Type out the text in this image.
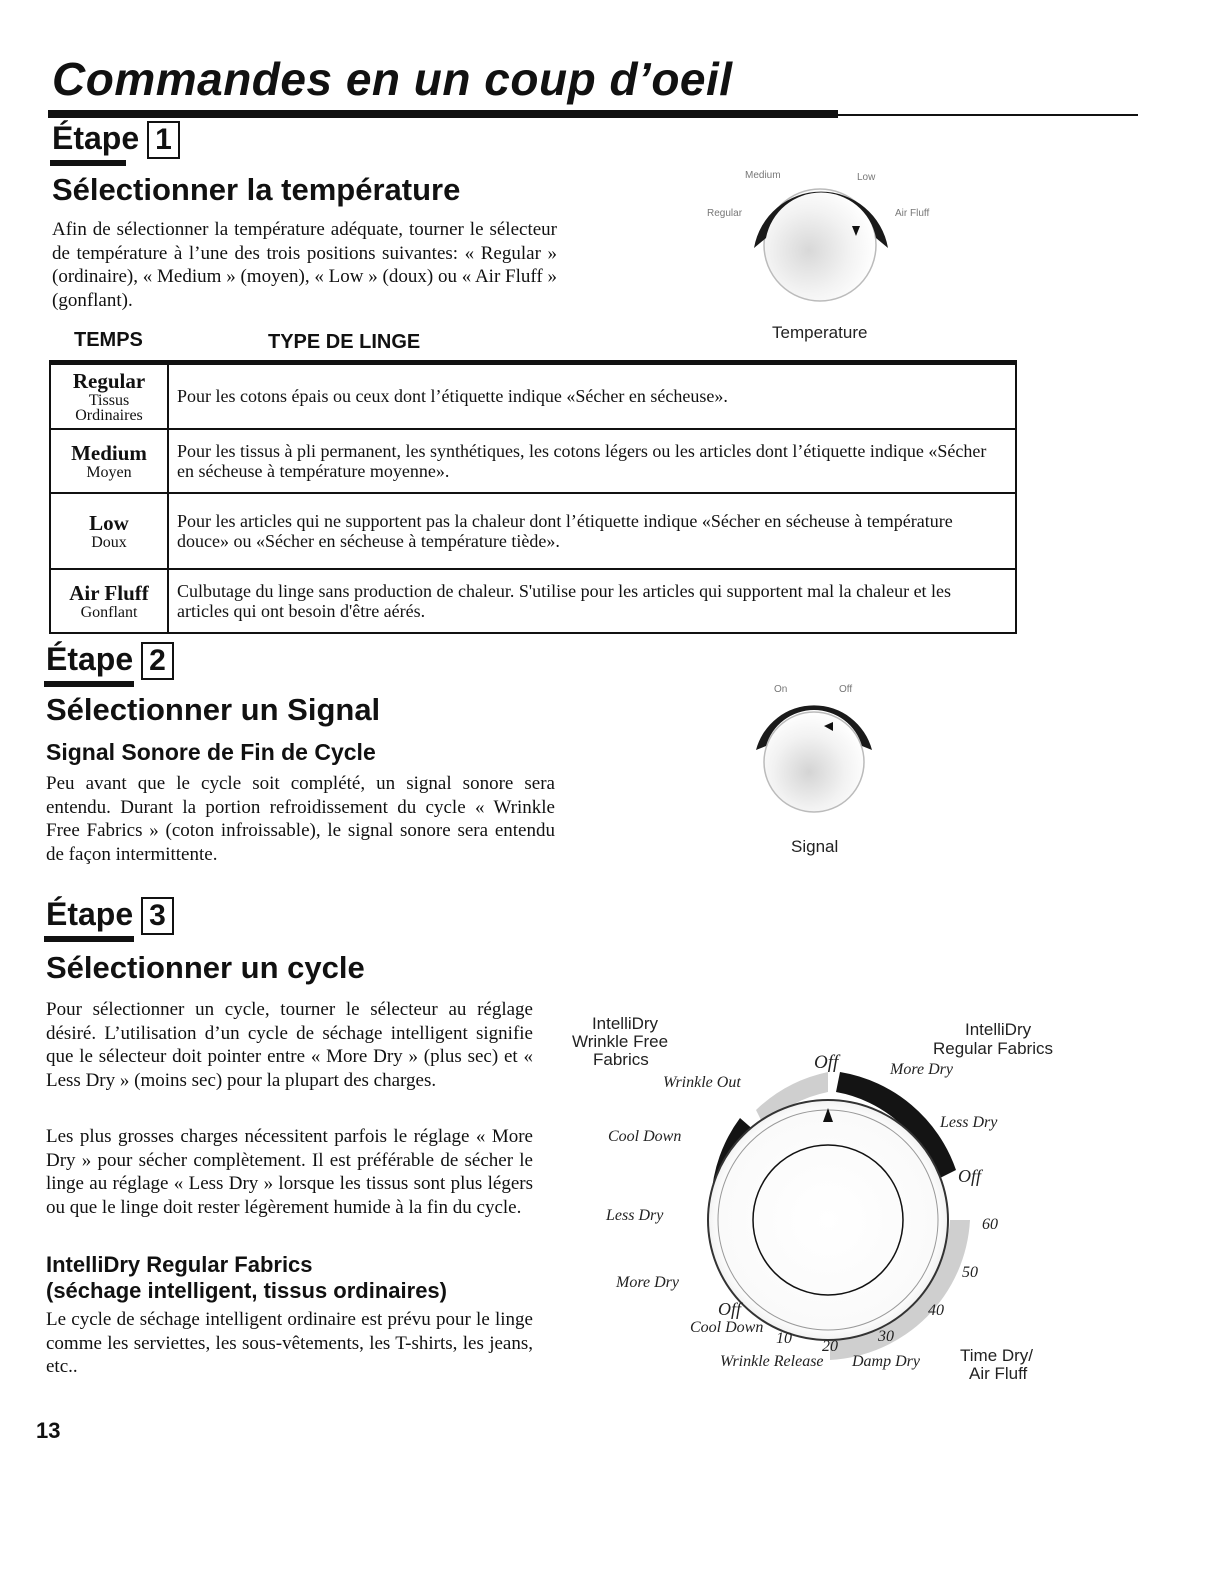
Commandes en un coup d’oeil
Étape 1
Sélectionner la température
Afin de sélectionner la température adéquate, tourner le sélecteur de température à l’une des trois positions suivantes: « Regular » (ordinaire), « Medium » (moyen), « Low » (doux) ou « Air Fluff » (gonflant).
Medium	Low
Regular	Air Fluff
Temperature
TEMPS	TYPE DE LINGE
Regular
Tissus Ordinaires	Pour les cotons épais ou ceux dont l’étiquette indique «Sécher en sécheuse».

Medium
Moyen	Pour les tissus à pli permanent, les synthétiques, les cotons légers ou les articles dont l’étiquette indique «Sécher en sécheuse à température moyenne».

Low
Doux	Pour les articles qui ne supportent pas la chaleur dont l’étiquette indique «Sécher en sécheuse à température douce» ou «Sécher en sécheuse à température tiède».

Air Fluff
Gonflant	Culbutage du linge sans production de chaleur. S'utilise pour les articles qui supportent mal la chaleur et les articles qui ont besoin d'être aérés.
Étape 2
Sélectionner un Signal
Signal Sonore de Fin de Cycle
Peu avant que le cycle soit complété, un signal sonore sera entendu. Durant la portion refroidissement du cycle « Wrinkle Free Fabrics » (coton infroissable), le signal sonore sera entendu de façon intermittente.
On	Off
Signal
Étape 3
Sélectionner un cycle
Pour sélectionner un cycle, tourner le sélecteur au réglage désiré. L’utilisation d’un cycle de séchage intelligent signifie que le sélecteur doit pointer entre « More Dry » (plus sec) et « Less Dry » (moins sec) pour la plupart des charges.
Les plus grosses charges nécessitent parfois le réglage « More Dry » pour sécher complètement. Il est préférable de sécher le linge au réglage « Less Dry » lorsque les tissus sont plus légers ou que le linge doit rester légèrement humide à la fin du cycle.
IntelliDry Regular Fabrics
(séchage intelligent, tissus ordinaires)
Le cycle de séchage intelligent ordinaire est prévu pour le linge comme les serviettes, les sous-vêtements, les T-shirts, les jeans, etc..
IntelliDry
Wrinkle Free
Fabrics
IntelliDry
Regular Fabrics
Time Dry/
Air Fluff
Off	More Dry
Less Dry
Off
Wrinkle Out
Cool Down
Less Dry
More Dry
Off
Cool Down
Wrinkle Release Damp Dry
10 20
30
40
50
60
13
